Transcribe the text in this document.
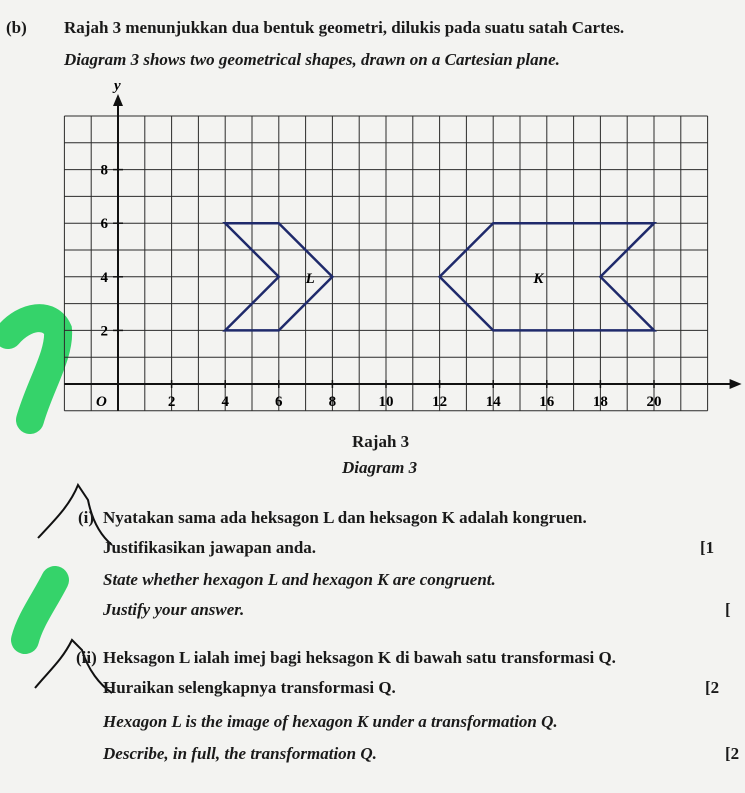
(b) Rajah 3 menunjukkan dua bentuk geometri, dilukis pada suatu satah Cartes.
Diagram 3 shows two geometrical shapes, drawn on a Cartesian plane.
L	K
y
O	2	4	6	8	10	12	14	16	18	20
8
6
4
2
Rajah 3
Diagram 3
(i) Nyatakan sama ada heksagon L dan heksagon K adalah kongruen.
Justifikasikan jawapan anda.	[1
State whether hexagon L and hexagon K are congruent.
Justify your answer.	[
(ii) Heksagon L ialah imej bagi heksagon K di bawah satu transformasi Q.
Huraikan selengkapnya transformasi Q.	[2
Hexagon L is the image of hexagon K under a transformation Q.
Describe, in full, the transformation Q.	[2
